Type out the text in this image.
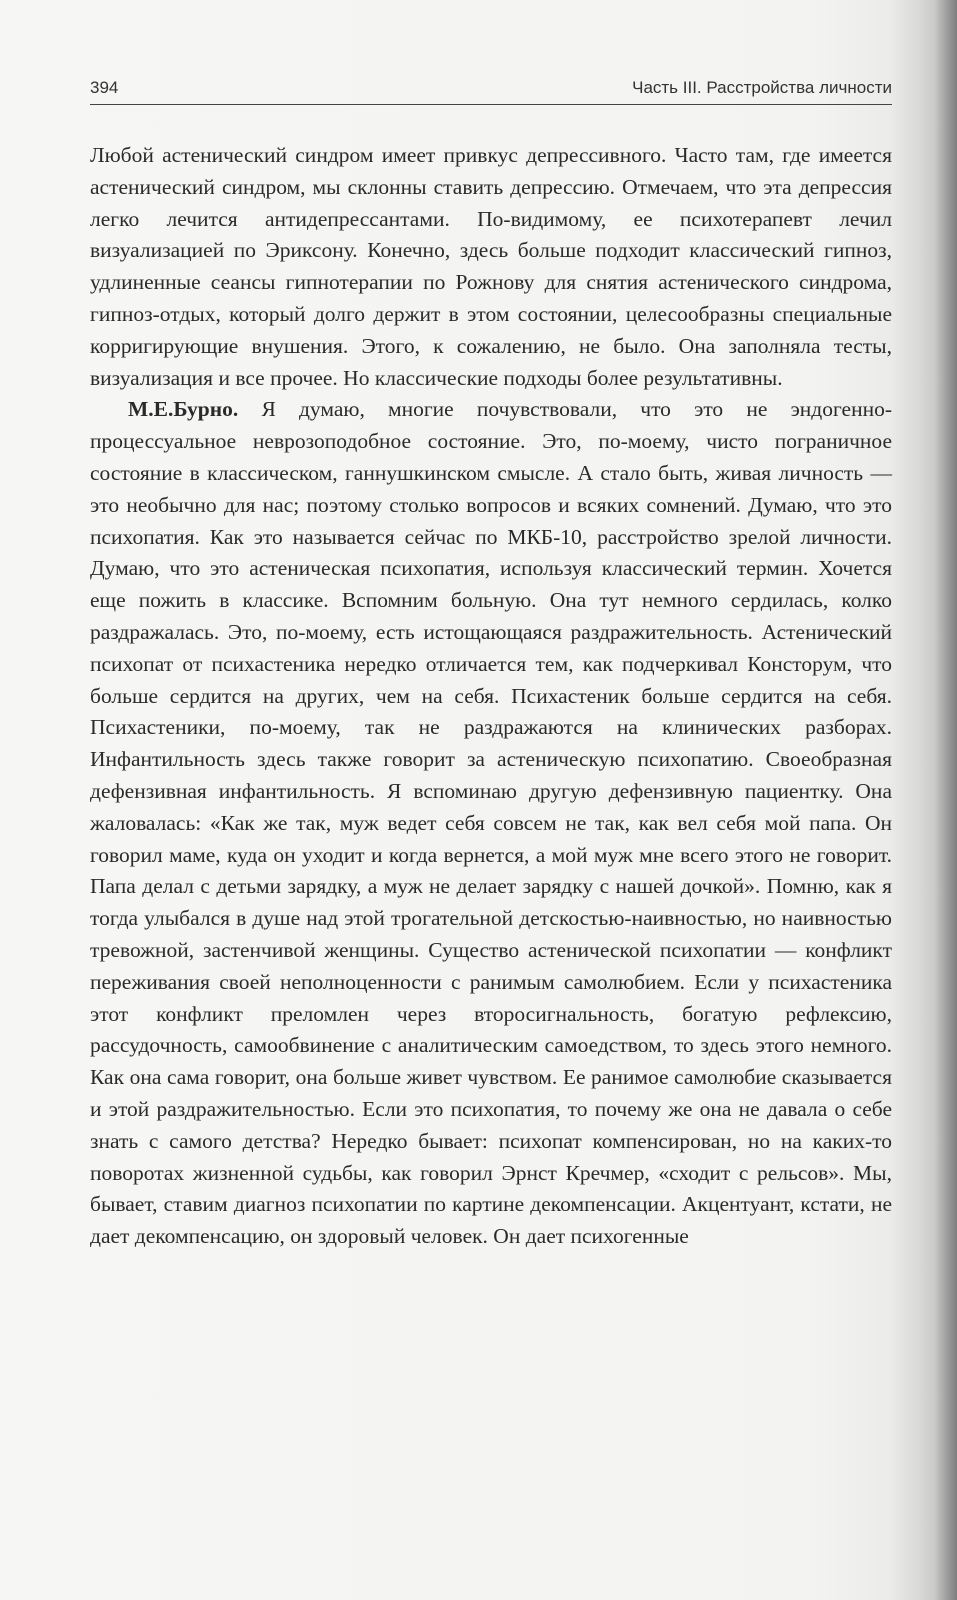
394	Часть III. Расстройства личности

Любой астенический синдром имеет привкус депрессивного. Часто там, где имеется астенический синдром, мы склонны ставить депрессию. Отмечаем, что эта депрессия легко лечится антидепрессантами. По-видимому, ее психотерапевт лечил визуализацией по Эриксону. Конечно, здесь больше подходит классический гипноз, удлиненные сеансы гипнотерапии по Рожнову для снятия астенического синдрома, гипноз-отдых, который долго держит в этом состоянии, целесообразны специальные корригирующие внушения. Этого, к сожалению, не было. Она заполняла тесты, визуализация и все прочее. Но классические подходы более результативны.

М.Е.Бурно. Я думаю, многие почувствовали, что это не эндогенно-процессуальное неврозоподобное состояние. Это, по-моему, чисто пограничное состояние в классическом, ганнушкинском смысле. А стало быть, живая личность — это необычно для нас; поэтому столько вопросов и всяких сомнений. Думаю, что это психопатия. Как это называется сейчас по МКБ-10, расстройство зрелой личности. Думаю, что это астеническая психопатия, используя классический термин. Хочется еще пожить в классике. Вспомним больную. Она тут немного сердилась, колко раздражалась. Это, по-моему, есть истощающаяся раздражительность. Астенический психопат от психастеника нередко отличается тем, как подчеркивал Консторум, что больше сердится на других, чем на себя. Психастеник больше сердится на себя. Психастеники, по-моему, так не раздражаются на клинических разборах. Инфантильность здесь также говорит за астеническую психопатию. Своеобразная дефензивная инфантильность. Я вспоминаю другую дефензивную пациентку. Она жаловалась: «Как же так, муж ведет себя совсем не так, как вел себя мой папа. Он говорил маме, куда он уходит и когда вернется, а мой муж мне всего этого не говорит. Папа делал с детьми зарядку, а муж не делает зарядку с нашей дочкой». Помню, как я тогда улыбался в душе над этой трогательной детскостью-наивностью, но наивностью тревожной, застенчивой женщины. Существо астенической психопатии — конфликт переживания своей неполноценности с ранимым самолюбием. Если у психастеника этот конфликт преломлен через второсигнальность, богатую рефлексию, рассудочность, самообвинение с аналитическим самоедством, то здесь этого немного. Как она сама говорит, она больше живет чувством. Ее ранимое самолюбие сказывается и этой раздражительностью. Если это психопатия, то почему же она не давала о себе знать с самого детства? Нередко бывает: психопат компенсирован, но на каких-то поворотах жизненной судьбы, как говорил Эрнст Кречмер, «сходит с рельсов». Мы, бывает, ставим диагноз психопатии по картине декомпенсации. Акцентуант, кстати, не дает декомпенсацию, он здоровый человек. Он дает психогенные
